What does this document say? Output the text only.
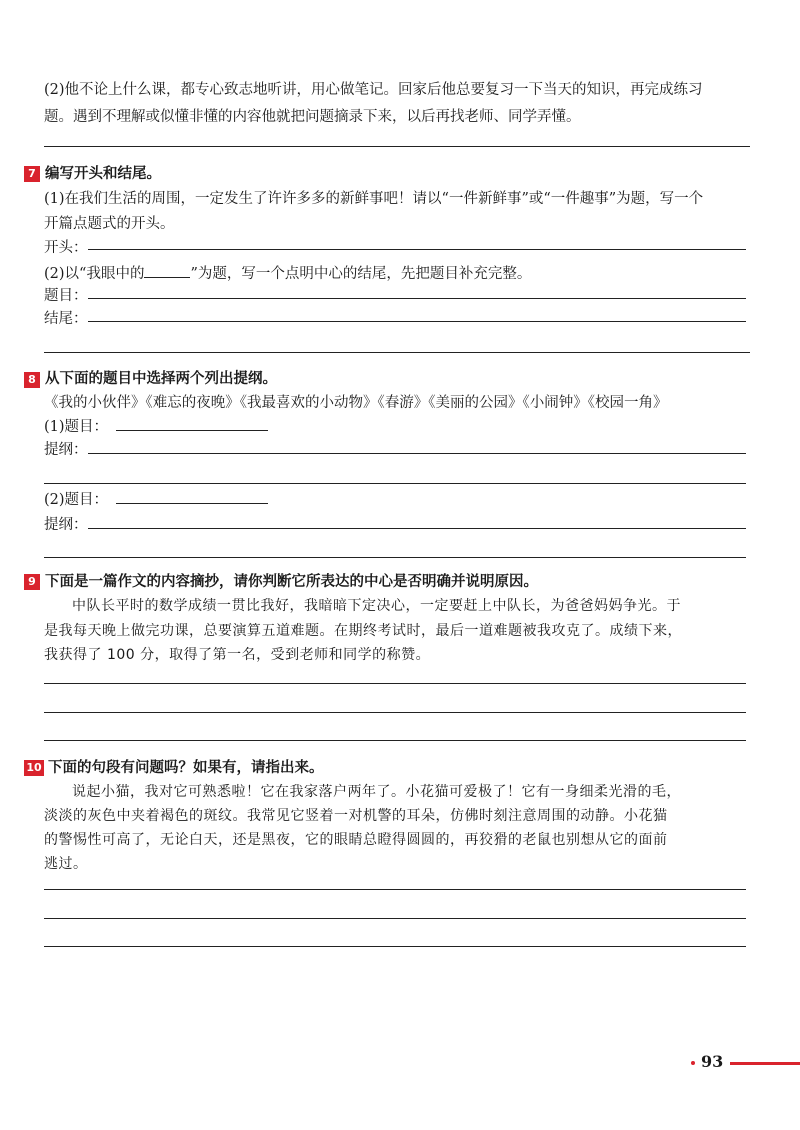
(2)他不论上什么课，都专心致志地听讲，用心做笔记。回家后他总要复习一下当天的知识，再完成练习
题。遇到不理解或似懂非懂的内容他就把问题摘录下来，以后再找老师、同学弄懂。
7 编写开头和结尾。
(1)在我们生活的周围，一定发生了许许多多的新鲜事吧！请以“一件新鲜事”或“一件趣事”为题，写一个
开篇点题式的开头。
开头：
(2)以“我眼中的	”为题，写一个点明中心的结尾，先把题目补充完整。
题目：
结尾：
8 从下面的题目中选择两个列出提纲。
《我的小伙伴》《难忘的夜晚》《我最喜欢的小动物》《春游》《美丽的公园》《小闹钟》《校园一角》
(1)题目：
提纲：
(2)题目：
提纲：
9 下面是一篇作文的内容摘抄，请你判断它所表达的中心是否明确并说明原因。
中队长平时的数学成绩一贯比我好，我暗暗下定决心，一定要赶上中队长，为爸爸妈妈争光。于
是我每天晚上做完功课，总要演算五道难题。在期终考试时，最后一道难题被我攻克了。成绩下来，
我获得了 100 分，取得了第一名，受到老师和同学的称赞。
10 下面的句段有问题吗？如果有，请指出来。
说起小猫，我对它可熟悉啦！它在我家落户两年了。小花猫可爱极了！它有一身细柔光滑的毛，
淡淡的灰色中夹着褐色的斑纹。我常见它竖着一对机警的耳朵，仿佛时刻注意周围的动静。小花猫
的警惕性可高了，无论白天，还是黑夜，它的眼睛总瞪得圆圆的，再狡猾的老鼠也别想从它的面前
逃过。
93
